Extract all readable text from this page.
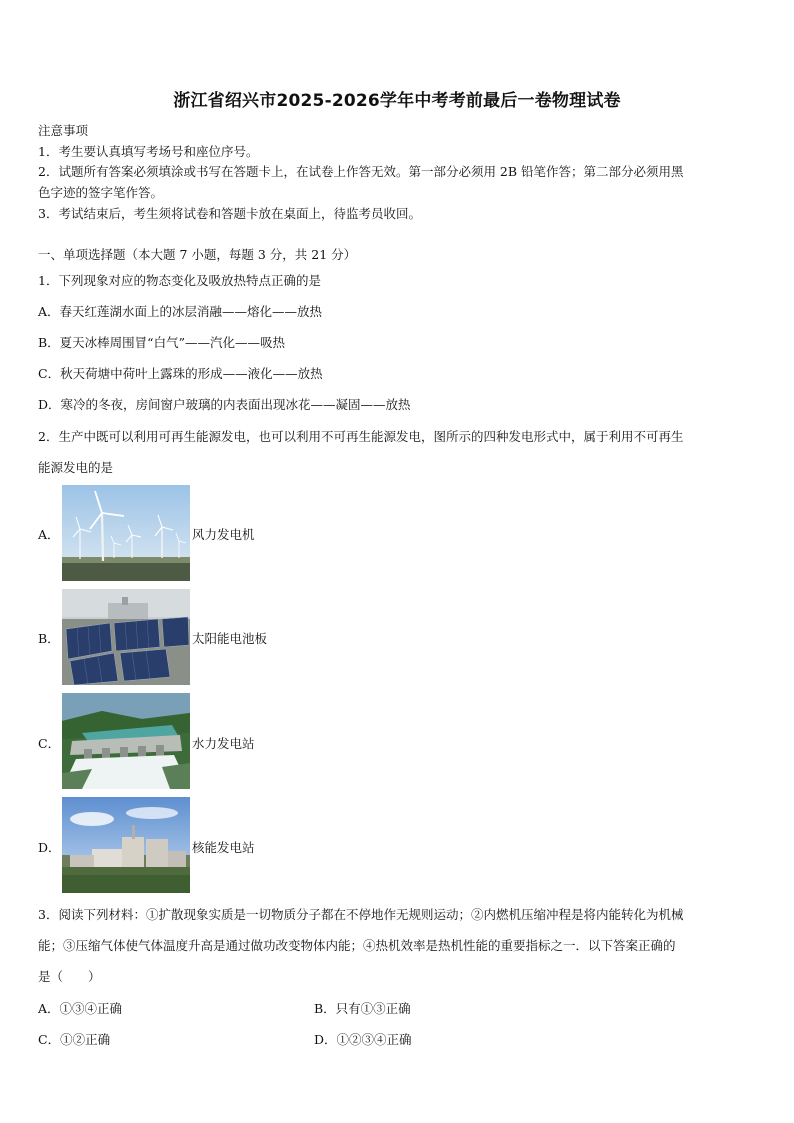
浙江省绍兴市2025-2026学年中考考前最后一卷物理试卷
注意事项
1．考生要认真填写考场号和座位序号。
2．试题所有答案必须填涂或书写在答题卡上，在试卷上作答无效。第一部分必须用 2B 铅笔作答；第二部分必须用黑
色字迹的签字笔作答。
3．考试结束后，考生须将试卷和答题卡放在桌面上，待监考员收回。
一、单项选择题（本大题 7 小题，每题 3 分，共 21 分）
1．下列现象对应的物态变化及吸放热特点正确的是
A．春天红莲湖水面上的冰层消融——熔化——放热
B．夏天冰棒周围冒“白气”——汽化——吸热
C．秋天荷塘中荷叶上露珠的形成——液化——放热
D．寒冷的冬夜，房间窗户玻璃的内表面出现冰花——凝固——放热
2．生产中既可以利用可再生能源发电，也可以利用不可再生能源发电，图所示的四种发电形式中，属于利用不可再生
能源发电的是
A．	风力发电机
B．	太阳能电池板
C．	水力发电站
D．	核能发电站
3．阅读下列材料：①扩散现象实质是一切物质分子都在不停地作无规则运动；②内燃机压缩冲程是将内能转化为机械
能；③压缩气体使气体温度升高是通过做功改变物体内能；④热机效率是热机性能的重要指标之一．以下答案正确的
是（　　）
A．①③④正确	B．只有①③正确
C．①②正确	D．①②③④正确
